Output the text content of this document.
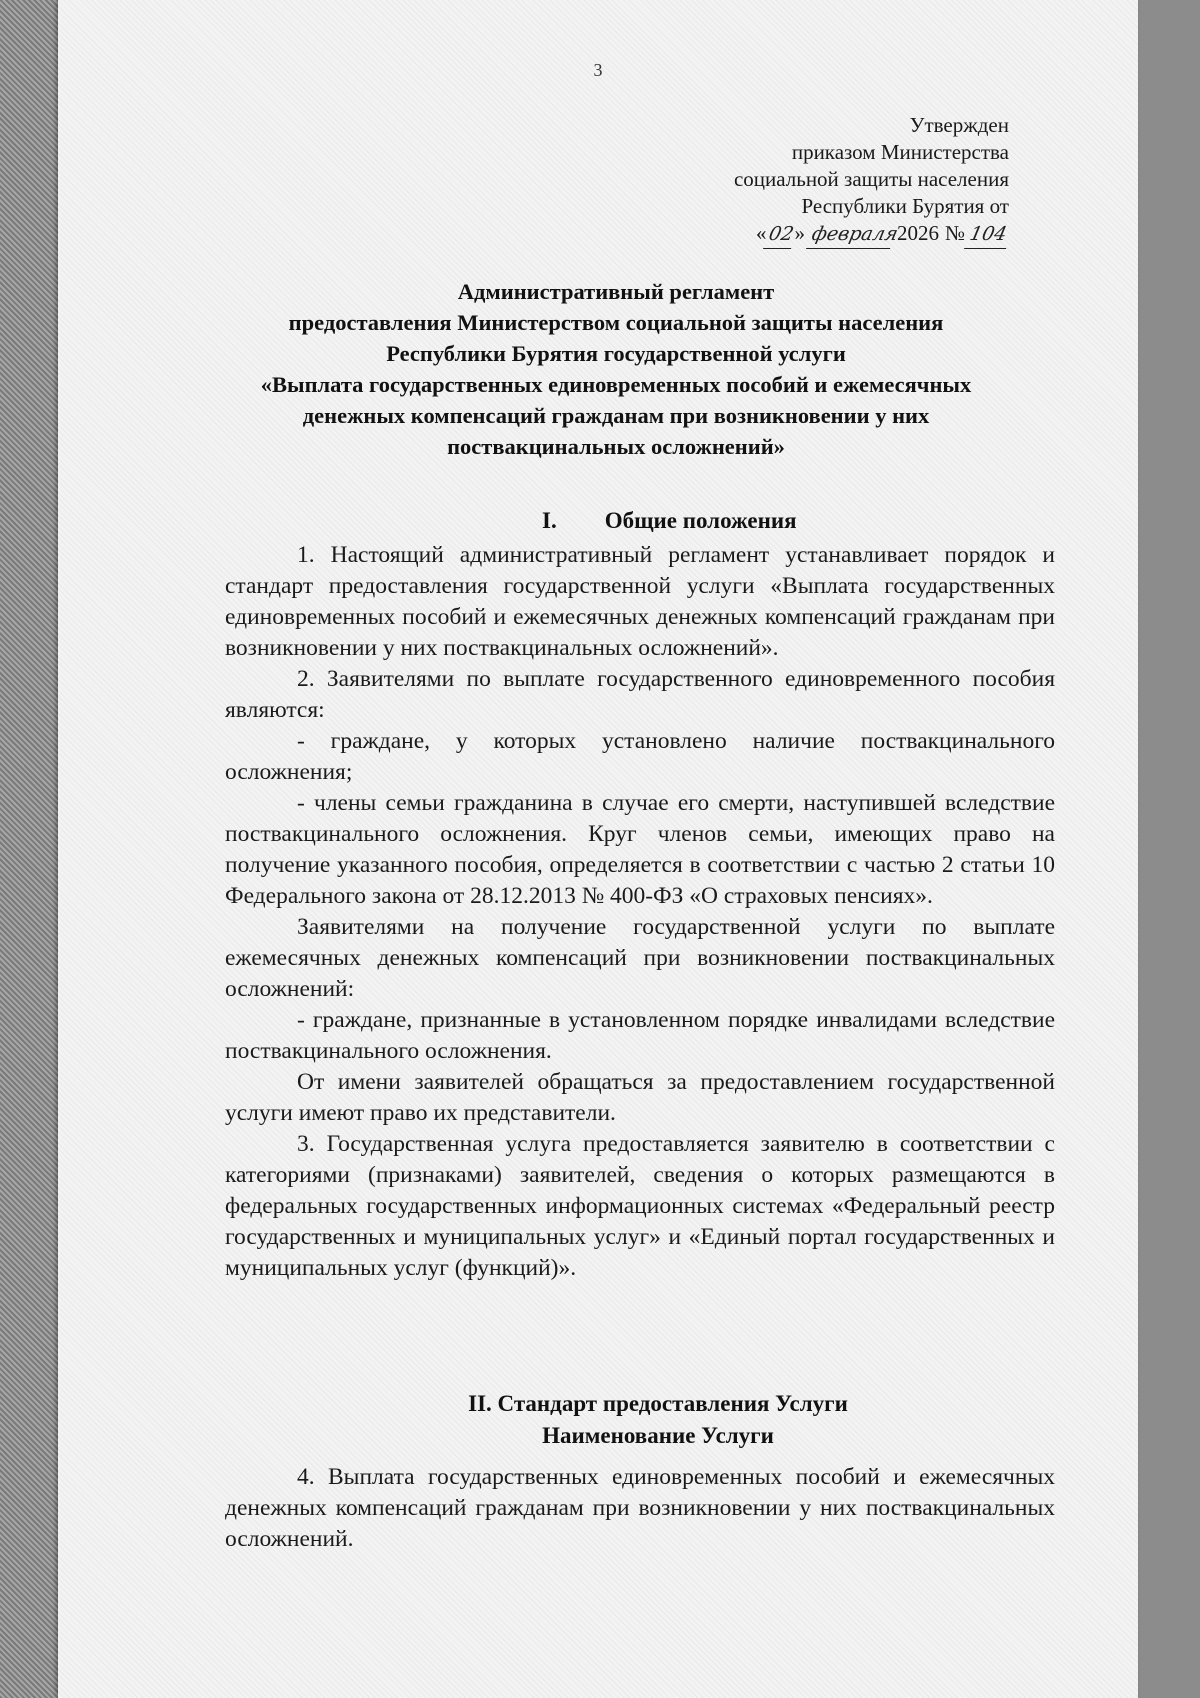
3
Утвержден
приказом Министерства
социальной защиты населения
Республики Бурятия от
« 02
» февраля
2026 № 104
Административный регламент
предоставления Министерством социальной защиты населения
Республики Бурятия государственной услуги
«Выплата государственных единовременных пособий и ежемесячных
денежных компенсаций гражданам при возникновении у них
поствакцинальных осложнений»
I. Общие положения

1. Настоящий административный регламент устанавливает порядок и стандарт предоставления государственной услуги «Выплата государственных единовременных пособий и ежемесячных денежных компенсаций гражданам при возникновении у них поствакцинальных осложнений».

2. Заявителями по выплате государственного единовременного пособия являются:

- граждане, у которых установлено наличие поствакцинального осложнения;

- члены семьи гражданина в случае его смерти, наступившей вследствие поствакцинального осложнения. Круг членов семьи, имеющих право на получение указанного пособия, определяется в соответствии с частью 2 статьи 10 Федерального закона от 28.12.2013 № 400-ФЗ «О страховых пенсиях».

Заявителями на получение государственной услуги по выплате ежемесячных денежных компенсаций при возникновении поствакцинальных осложнений:

- граждане, признанные в установленном порядке инвалидами вследствие поствакцинального осложнения.

От имени заявителей обращаться за предоставлением государственной услуги имеют право их представители.

3. Государственная услуга предоставляется заявителю в соответствии с категориями (признаками) заявителей, сведения о которых размещаются в федеральных государственных информационных системах «Федеральный реестр государственных и муниципальных услуг» и «Единый портал государственных и муниципальных услуг (функций)».

II. Стандарт предоставления Услуги
Наименование Услуги

4. Выплата государственных единовременных пособий и ежемесячных денежных компенсаций гражданам при возникновении у них поствакцинальных осложнений.
